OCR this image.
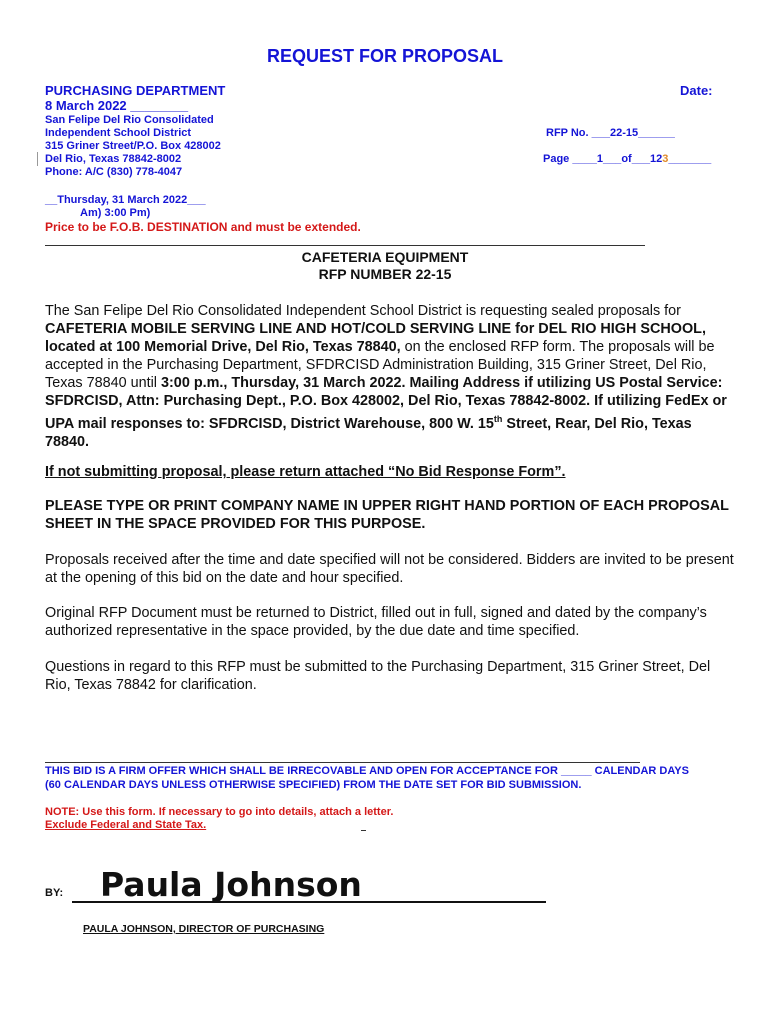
REQUEST FOR PROPOSAL
PURCHASING DEPARTMENT
8 March 2022 ________
Date:
San Felipe Del Rio Consolidated
Independent School District
315 Griner Street/P.O. Box 428002
Del Rio, Texas 78842-8002
Phone: A/C (830) 778-4047
RFP No. ___22-15______
Page ____1___of___123_______
__Thursday, 31 March 2022___
Am) 3:00 Pm)
Price to be F.O.B. DESTINATION and must be extended.
CAFETERIA EQUIPMENT
RFP NUMBER 22-15
The San Felipe Del Rio Consolidated Independent School District is requesting sealed proposals for CAFETERIA MOBILE SERVING LINE AND HOT/COLD SERVING LINE for DEL RIO HIGH SCHOOL, located at 100 Memorial Drive, Del Rio, Texas 78840, on the enclosed RFP form. The proposals will be accepted in the Purchasing Department, SFDRCISD Administration Building, 315 Griner Street, Del Rio, Texas 78840 until 3:00 p.m., Thursday, 31 March 2022. Mailing Address if utilizing US Postal Service: SFDRCISD, Attn: Purchasing Dept., P.O. Box 428002, Del Rio, Texas 78842-8002. If utilizing FedEx or UPA mail responses to: SFDRCISD, District Warehouse, 800 W. 15th Street, Rear, Del Rio, Texas 78840.
If not submitting proposal, please return attached “No Bid Response Form”.
PLEASE TYPE OR PRINT COMPANY NAME IN UPPER RIGHT HAND PORTION OF EACH PROPOSAL SHEET IN THE SPACE PROVIDED FOR THIS PURPOSE.
Proposals received after the time and date specified will not be considered. Bidders are invited to be present at the opening of this bid on the date and hour specified.
Original RFP Document must be returned to District, filled out in full, signed and dated by the company’s authorized representative in the space provided, by the due date and time specified.
Questions in regard to this RFP must be submitted to the Purchasing Department, 315 Griner Street, Del Rio, Texas 78842 for clarification.
THIS BID IS A FIRM OFFER WHICH SHALL BE IRRECOVABLE AND OPEN FOR ACCEPTANCE FOR _____ CALENDAR DAYS (60 CALENDAR DAYS UNLESS OTHERWISE SPECIFIED) FROM THE DATE SET FOR BID SUBMISSION.
NOTE: Use this form. If necessary to go into details, attach a letter.
Exclude Federal and State Tax.
BY: Paula Johnson
PAULA JOHNSON, DIRECTOR OF PURCHASING
